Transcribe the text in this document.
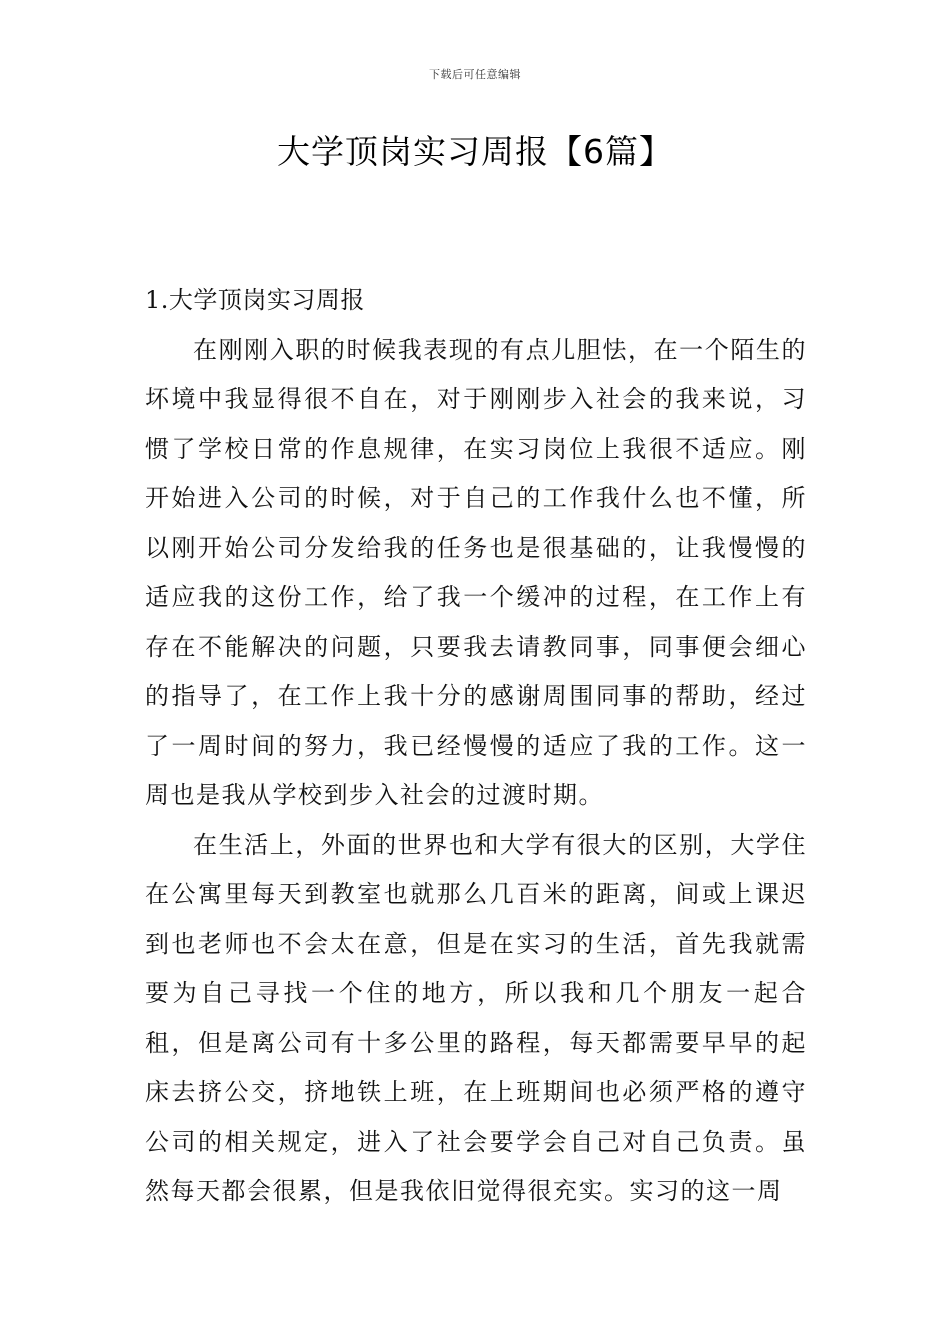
下载后可任意编辑
大学顶岗实习周报【6篇】

1.大学顶岗实习周报

在刚刚入职的时候我表现的有点儿胆怯，在一个陌生的坏境中我显得很不自在，对于刚刚步入社会的我来说，习惯了学校日常的作息规律，在实习岗位上我很不适应。刚开始进入公司的时候，对于自己的工作我什么也不懂，所以刚开始公司分发给我的任务也是很基础的，让我慢慢的适应我的这份工作，给了我一个缓冲的过程，在工作上有存在不能解决的问题，只要我去请教同事，同事便会细心的指导了，在工作上我十分的感谢周围同事的帮助，经过了一周时间的努力，我已经慢慢的适应了我的工作。这一周也是我从学校到步入社会的过渡时期。

在生活上，外面的世界也和大学有很大的区别，大学住在公寓里每天到教室也就那么几百米的距离，间或上课迟到也老师也不会太在意，但是在实习的生活，首先我就需要为自己寻找一个住的地方，所以我和几个朋友一起合租，但是离公司有十多公里的路程，每天都需要早早的起床去挤公交，挤地铁上班，在上班期间也必须严格的遵守公司的相关规定，进入了社会要学会自己对自己负责。虽然每天都会很累，但是我依旧觉得很充实。实习的这一周
